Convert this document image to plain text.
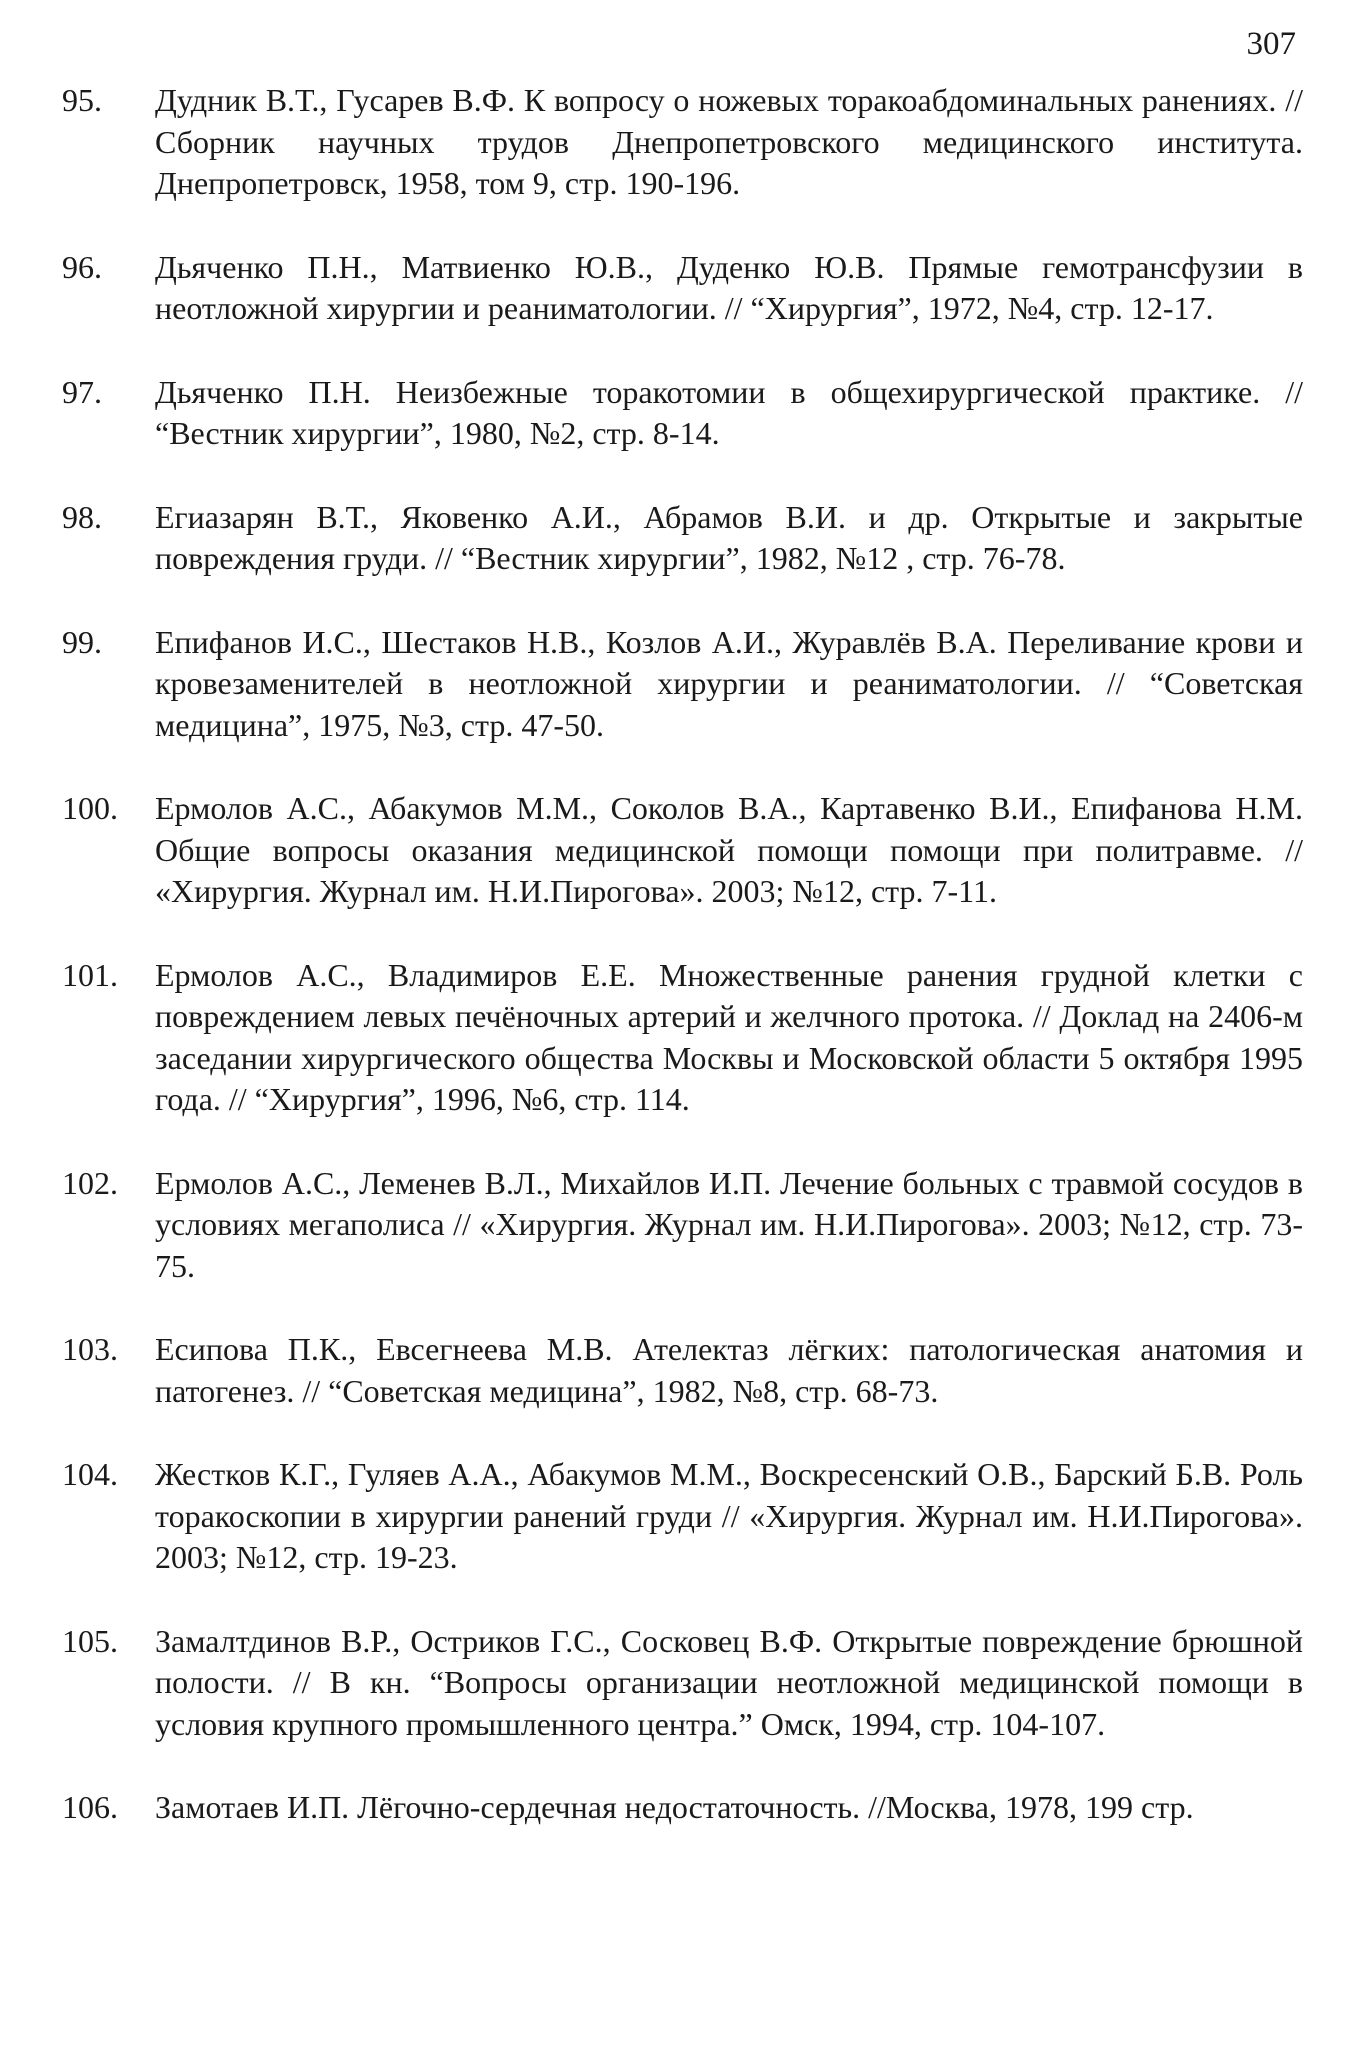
307
95. Дудник В.Т., Гусарев В.Ф. К вопросу о ножевых торакоабдоминальных ранениях. // Сборник научных трудов Днепропетровского медицинского института. Днепропетровск, 1958, том 9, стр. 190-196.
96. Дьяченко П.Н., Матвиенко Ю.В., Дуденко Ю.В. Прямые гемотрансфузии в неотложной хирургии и реаниматологии. // “Хирургия”, 1972, №4, стр. 12-17.
97. Дьяченко П.Н. Неизбежные торакотомии в общехирургической практике. // “Вестник хирургии”, 1980, №2, стр. 8-14.
98. Егиазарян В.Т., Яковенко А.И., Абрамов В.И. и др. Открытые и закрытые повреждения груди. // “Вестник хирургии”, 1982, №12 , стр. 76-78.
99. Епифанов И.С., Шестаков Н.В., Козлов А.И., Журавлёв В.А. Переливание крови и кровезаменителей в неотложной хирургии и реаниматологии. // “Советская медицина”, 1975, №3, стр. 47-50.
100. Ермолов А.С., Абакумов М.М., Соколов В.А., Картавенко В.И., Епифанова Н.М. Общие вопросы оказания медицинской помощи помощи при политравме. // «Хирургия. Журнал им. Н.И.Пирогова». 2003; №12, стр. 7-11.
101. Ермолов А.С., Владимиров Е.Е. Множественные ранения грудной клетки с повреждением левых печёночных артерий и желчного протока. // Доклад на 2406-м заседании хирургического общества Москвы и Московской области 5 октября 1995 года. // “Хирургия”, 1996, №6, стр. 114.
102. Ермолов А.С., Леменев В.Л., Михайлов И.П. Лечение больных с травмой сосудов в условиях мегаполиса // «Хирургия. Журнал им. Н.И.Пирогова». 2003; №12, стр. 73-75.
103. Есипова П.К., Евсегнеева М.В. Ателектаз лёгких: патологическая анатомия и патогенез. // “Советская медицина”, 1982, №8, стр. 68-73.
104. Жестков К.Г., Гуляев А.А., Абакумов М.М., Воскресенский О.В., Барский Б.В. Роль торакоскопии в хирургии ранений груди // «Хирургия. Журнал им. Н.И.Пирогова». 2003; №12, стр. 19-23.
105. Замалтдинов В.Р., Остриков Г.С., Сосковец В.Ф. Открытые повреждение брюшной полости. // В кн. “Вопросы организации неотложной медицинской помощи в условия крупного промышленного центра.” Омск, 1994, стр. 104-107.
106. Замотаев И.П. Лёгочно-сердечная недостаточность. //Москва, 1978, 199 стр.
